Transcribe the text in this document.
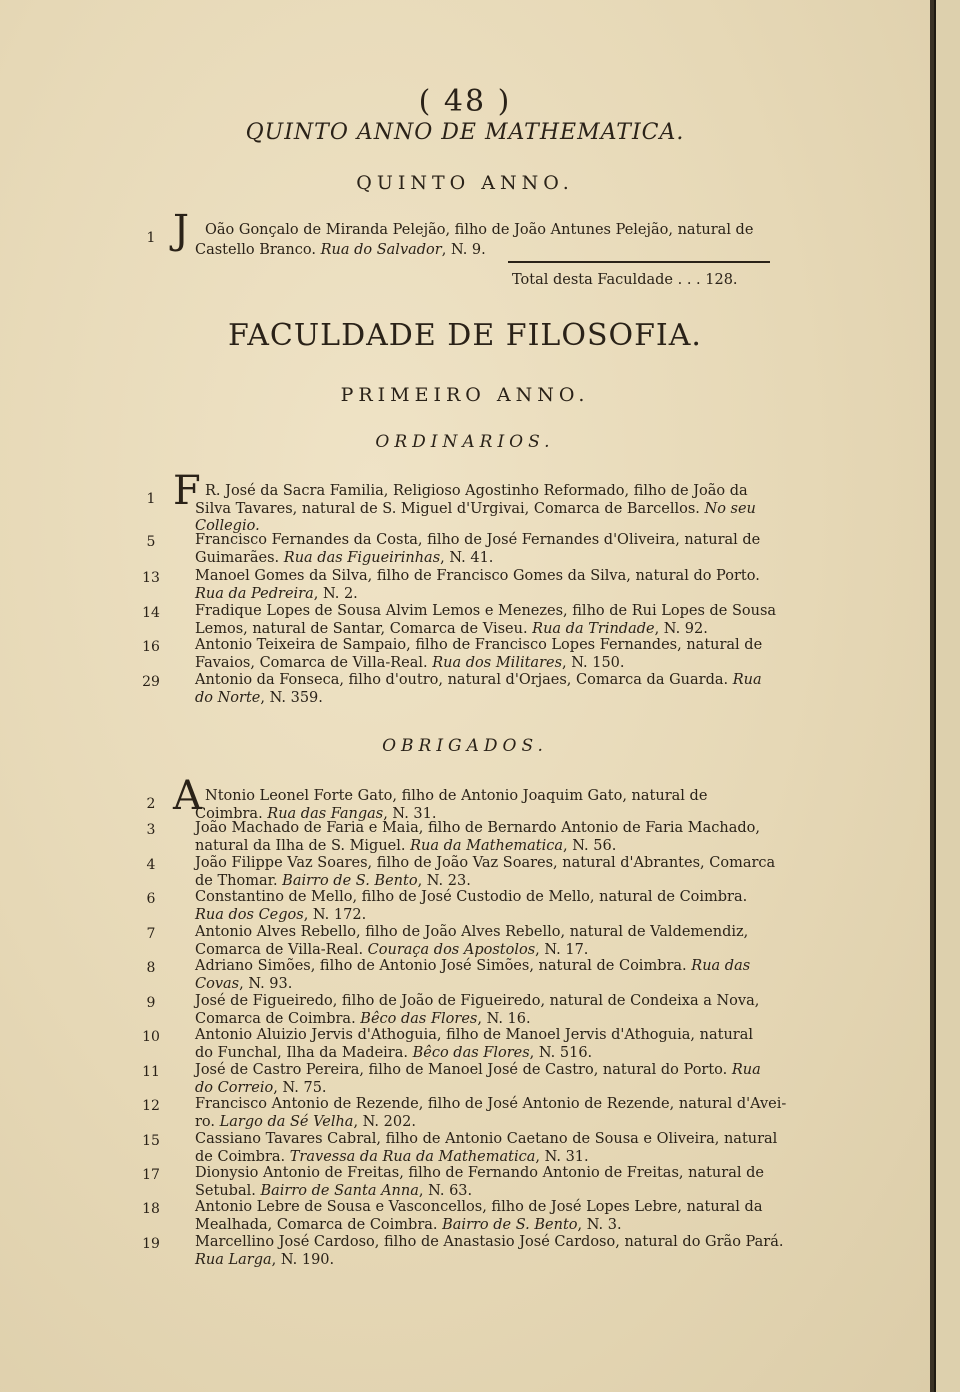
( 48 )
QUINTO ANNO DE MATHEMATICA.
QUINTO ANNO.
1 J Oão Gonçalo de Miranda Pelejão, filho de João Antunes Pelejão, natural de
Castello Branco. Rua do Salvador, N. 9.
Total desta Faculdade . . . 128.
FACULDADE DE FILOSOFIA.
PRIMEIRO ANNO.
ORDINARIOS.
1 F R. José da Sacra Familia, Religioso Agostinho Reformado, filho de João da
Silva Tavares, natural de S. Miguel d'Urgivai, Comarca de Barcellos. No seu
Collegio.
5	Francisco Fernandes da Costa, filho de José Fernandes d'Oliveira, natural de
Guimarães. Rua das Figueirinhas, N. 41.
13	Manoel Gomes da Silva, filho de Francisco Gomes da Silva, natural do Porto.
Rua da Pedreira, N. 2.
14	Fradique Lopes de Sousa Alvim Lemos e Menezes, filho de Rui Lopes de Sousa
Lemos, natural de Santar, Comarca de Viseu. Rua da Trindade, N. 92.
16	Antonio Teixeira de Sampaio, filho de Francisco Lopes Fernandes, natural de
Favaios, Comarca de Villa-Real. Rua dos Militares, N. 150.
29	Antonio da Fonseca, filho d'outro, natural d'Orjaes, Comarca da Guarda. Rua
do Norte, N. 359.
OBRIGADOS.
2 A Ntonio Leonel Forte Gato, filho de Antonio Joaquim Gato, natural de
Coimbra. Rua das Fangas, N. 31.
3	João Machado de Faria e Maia, filho de Bernardo Antonio de Faria Machado,
natural da Ilha de S. Miguel. Rua da Mathematica, N. 56.
4	João Filippe Vaz Soares, filho de João Vaz Soares, natural d'Abrantes, Comarca
de Thomar. Bairro de S. Bento, N. 23.
6	Constantino de Mello, filho de José Custodio de Mello, natural de Coimbra.
Rua dos Cegos, N. 172.
7	Antonio Alves Rebello, filho de João Alves Rebello, natural de Valdemendiz,
Comarca de Villa-Real. Couraça dos Apostolos, N. 17.
8	Adriano Simões, filho de Antonio José Simões, natural de Coimbra. Rua das
Covas, N. 93.
9	José de Figueiredo, filho de João de Figueiredo, natural de Condeixa a Nova,
Comarca de Coimbra. Bêco das Flores, N. 16.
10	Antonio Aluizio Jervis d'Athoguia, filho de Manoel Jervis d'Athoguia, natural
do Funchal, Ilha da Madeira. Bêco das Flores, N. 516.
11	José de Castro Pereira, filho de Manoel José de Castro, natural do Porto. Rua
do Correio, N. 75.
12	Francisco Antonio de Rezende, filho de José Antonio de Rezende, natural d'Avei-
ro. Largo da Sé Velha, N. 202.
15	Cassiano Tavares Cabral, filho de Antonio Caetano de Sousa e Oliveira, natural
de Coimbra. Travessa da Rua da Mathematica, N. 31.
17	Dionysio Antonio de Freitas, filho de Fernando Antonio de Freitas, natural de
Setubal. Bairro de Santa Anna, N. 63.
18	Antonio Lebre de Sousa e Vasconcellos, filho de José Lopes Lebre, natural da
Mealhada, Comarca de Coimbra. Bairro de S. Bento, N. 3.
19	Marcellino José Cardoso, filho de Anastasio José Cardoso, natural do Grão Pará.
Rua Larga, N. 190.
